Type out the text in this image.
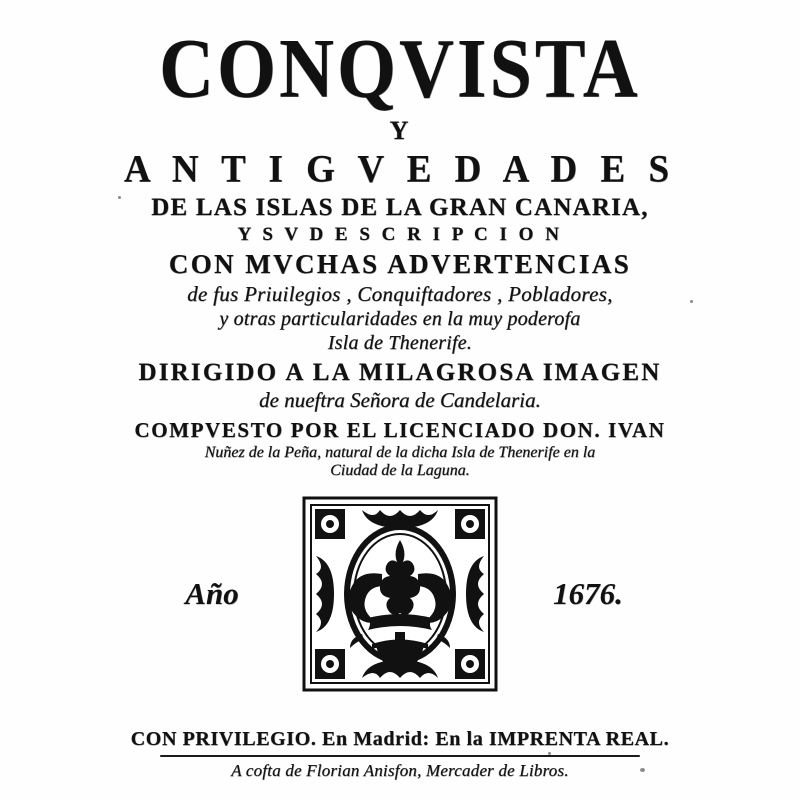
CONQVISTA
Y
A N T I G V E D A D E S
DE LAS ISLAS DE LA GRAN CANARIA,
Y S V D E S C R I P C I O N
CON MVCHAS ADVERTENCIAS
de fus Priuilegios , Conquiftadores , Pobladores,
y otras particularidades en la muy poderofa
Isla de Thenerife.
DIRIGIDO A LA MILAGROSA IMAGEN
de nueftra Señora de Candelaria.
COMPVESTO POR EL LICENCIADO DON. IVAN
Nuñez de la Peña, natural de la dicha Isla de Thenerife en la
Ciudad de la Laguna.
Año	1676.
CON PRIVILEGIO. En Madrid: En la IMPRENTA REAL.
A cofta de Florian Anisfon, Mercader de Libros.
